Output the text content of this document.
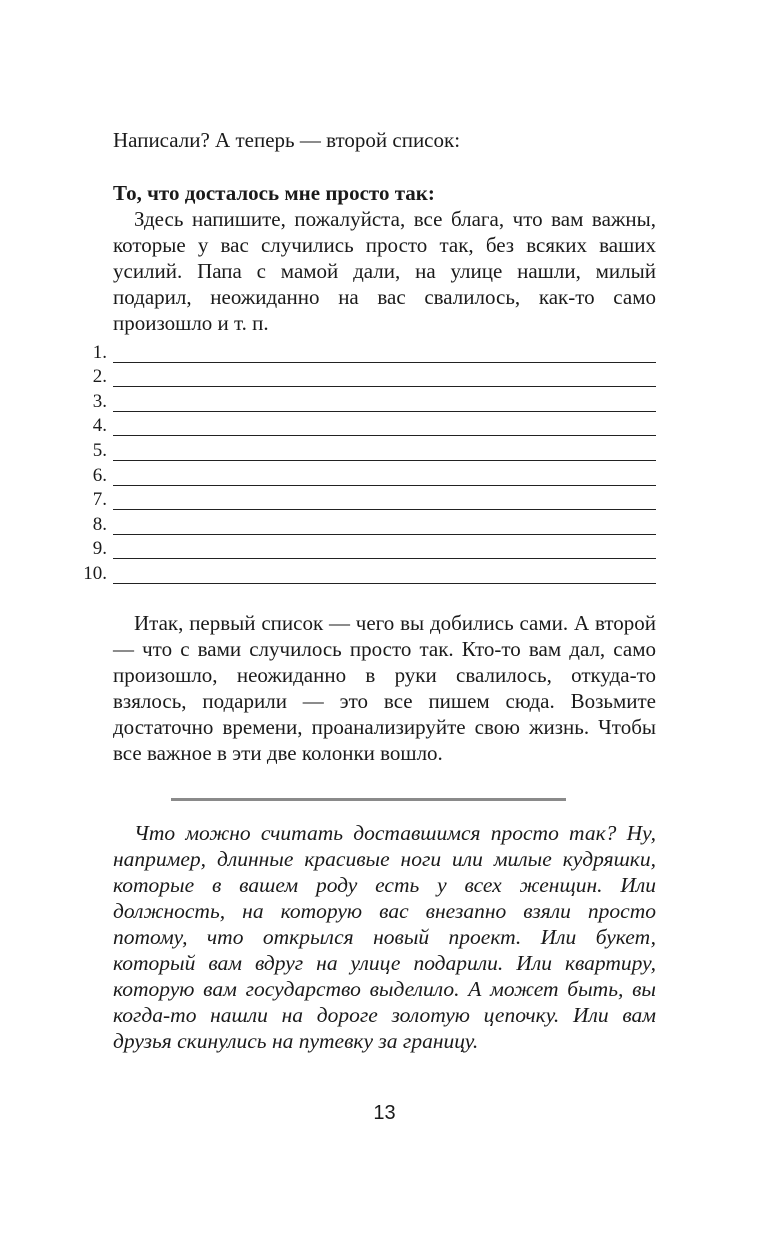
Написали? А теперь — второй список:

То, что досталось мне просто так:

Здесь напишите, пожалуйста, все блага, что вам важны, которые у вас случились просто так, без всяких ваших усилий. Папа с мамой дали, на улице нашли, милый подарил, неожиданно на вас свалилось, как-то само произошло и т. п.

1.
2.
3.
4.
5.
6.
7.
8.
9.
10.

Итак, первый список — чего вы добились сами. А второй — что с вами случилось просто так. Кто-то вам дал, само произошло, неожиданно в руки свалилось, откуда-то взялось, подарили — это все пишем сюда. Возьмите достаточно времени, проанализируйте свою жизнь. Чтобы все важное в эти две колонки вошло.

Что можно считать доставшимся просто так? Ну, например, длинные красивые ноги или милые кудряшки, которые в вашем роду есть у всех женщин. Или должность, на которую вас внезапно взяли просто потому, что открылся новый проект. Или букет, который вам вдруг на улице подарили. Или квартиру, которую вам государство выделило. А может быть, вы когда-то нашли на дороге золотую цепочку. Или вам друзья скинулись на путевку за границу.

13
